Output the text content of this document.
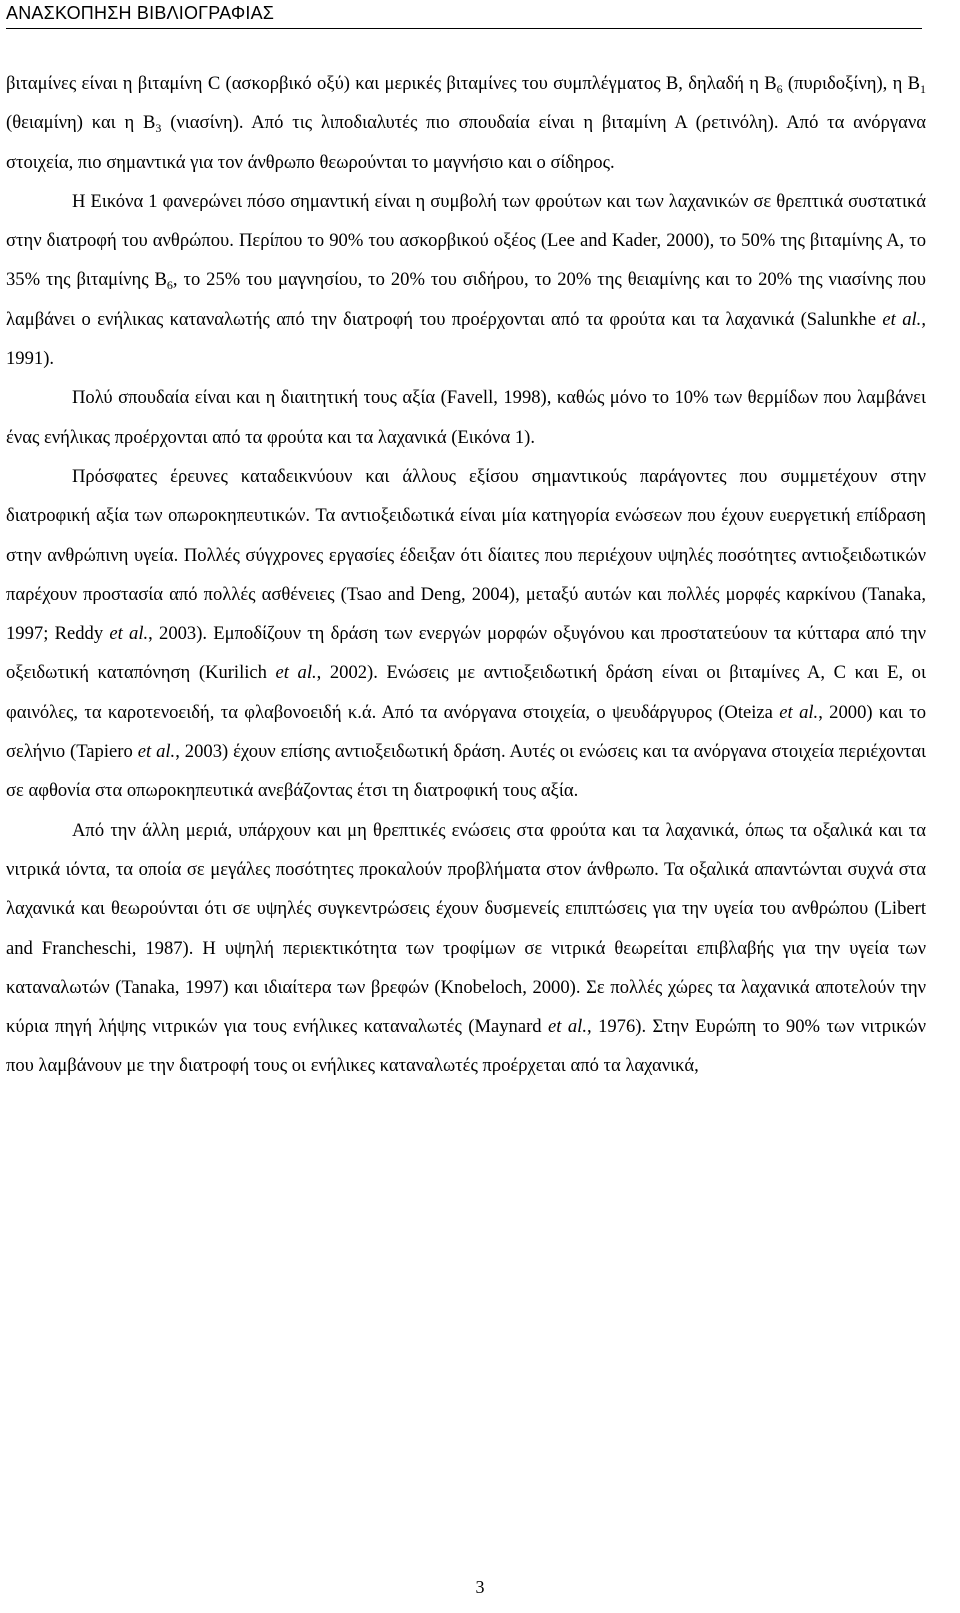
ΑΝΑΣΚΟΠΗΣΗ ΒΙΒΛΙΟΓΡΑΦΙΑΣ

βιταμίνες είναι η βιταμίνη C (ασκορβικό οξύ) και μερικές βιταμίνες του συμπλέγματος Β, δηλαδή η $B_6$ (πυριδοξίνη), η $B_1$ (θειαμίνη) και η $B_3$ (νιασίνη). Από τις λιποδιαλυτές πιο σπουδαία είναι η βιταμίνη Α (ρετινόλη). Από τα ανόργανα στοιχεία, πιο σημαντικά για τον άνθρωπο θεωρούνται το μαγνήσιο και ο σίδηρος.

Η Εικόνα 1 φανερώνει πόσο σημαντική είναι η συμβολή των φρούτων και των λαχανικών σε θρεπτικά συστατικά στην διατροφή του ανθρώπου. Περίπου το 90% του ασκορβικού οξέος (Lee and Kader, 2000), το 50% της βιταμίνης Α, το 35% της βιταμίνης $B_6$, το 25% του μαγνησίου, το 20% του σιδήρου, το 20% της θειαμίνης και το 20% της νιασίνης που λαμβάνει ο ενήλικας καταναλωτής από την διατροφή του προέρχονται από τα φρούτα και τα λαχανικά (Salunkhe et al., 1991).

Πολύ σπουδαία είναι και η διαιτητική τους αξία (Favell, 1998), καθώς μόνο το 10% των θερμίδων που λαμβάνει ένας ενήλικας προέρχονται από τα φρούτα και τα λαχανικά (Εικόνα 1).

Πρόσφατες έρευνες καταδεικνύουν και άλλους εξίσου σημαντικούς παράγοντες που συμμετέχουν στην διατροφική αξία των οπωροκηπευτικών. Τα αντιοξειδωτικά είναι μία κατηγορία ενώσεων που έχουν ευεργετική επίδραση στην ανθρώπινη υγεία. Πολλές σύγχρονες εργασίες έδειξαν ότι δίαιτες που περιέχουν υψηλές ποσότητες αντιοξειδωτικών παρέχουν προστασία από πολλές ασθένειες (Tsao and Deng, 2004), μεταξύ αυτών και πολλές μορφές καρκίνου (Tanaka, 1997; Reddy et al., 2003). Εμποδίζουν τη δράση των ενεργών μορφών οξυγόνου και προστατεύουν τα κύτταρα από την οξειδωτική καταπόνηση (Kurilich et al., 2002). Ενώσεις με αντιοξειδωτική δράση είναι οι βιταμίνες Α, C και Ε, οι φαινόλες, τα καροτενοειδή, τα φλαβονοειδή κ.ά. Από τα ανόργανα στοιχεία, ο ψευδάργυρος (Oteiza et al., 2000) και το σελήνιο (Tapiero et al., 2003) έχουν επίσης αντιοξειδωτική δράση. Αυτές οι ενώσεις και τα ανόργανα στοιχεία περιέχονται σε αφθονία στα οπωροκηπευτικά ανεβάζοντας έτσι τη διατροφική τους αξία.

Από την άλλη μεριά, υπάρχουν και μη θρεπτικές ενώσεις στα φρούτα και τα λαχανικά, όπως τα οξαλικά και τα νιτρικά ιόντα, τα οποία σε μεγάλες ποσότητες προκαλούν προβλήματα στον άνθρωπο. Τα οξαλικά απαντώνται συχνά στα λαχανικά και θεωρούνται ότι σε υψηλές συγκεντρώσεις έχουν δυσμενείς επιπτώσεις για την υγεία του ανθρώπου (Libert and Francheschi, 1987). Η υψηλή περιεκτικότητα των τροφίμων σε νιτρικά θεωρείται επιβλαβής για την υγεία των καταναλωτών (Tanaka, 1997) και ιδιαίτερα των βρεφών (Knobeloch, 2000). Σε πολλές χώρες τα λαχανικά αποτελούν την κύρια πηγή λήψης νιτρικών για τους ενήλικες καταναλωτές (Maynard et al., 1976). Στην Ευρώπη το 90% των νιτρικών που λαμβάνουν με την διατροφή τους οι ενήλικες καταναλωτές προέρχεται από τα λαχανικά,

3
